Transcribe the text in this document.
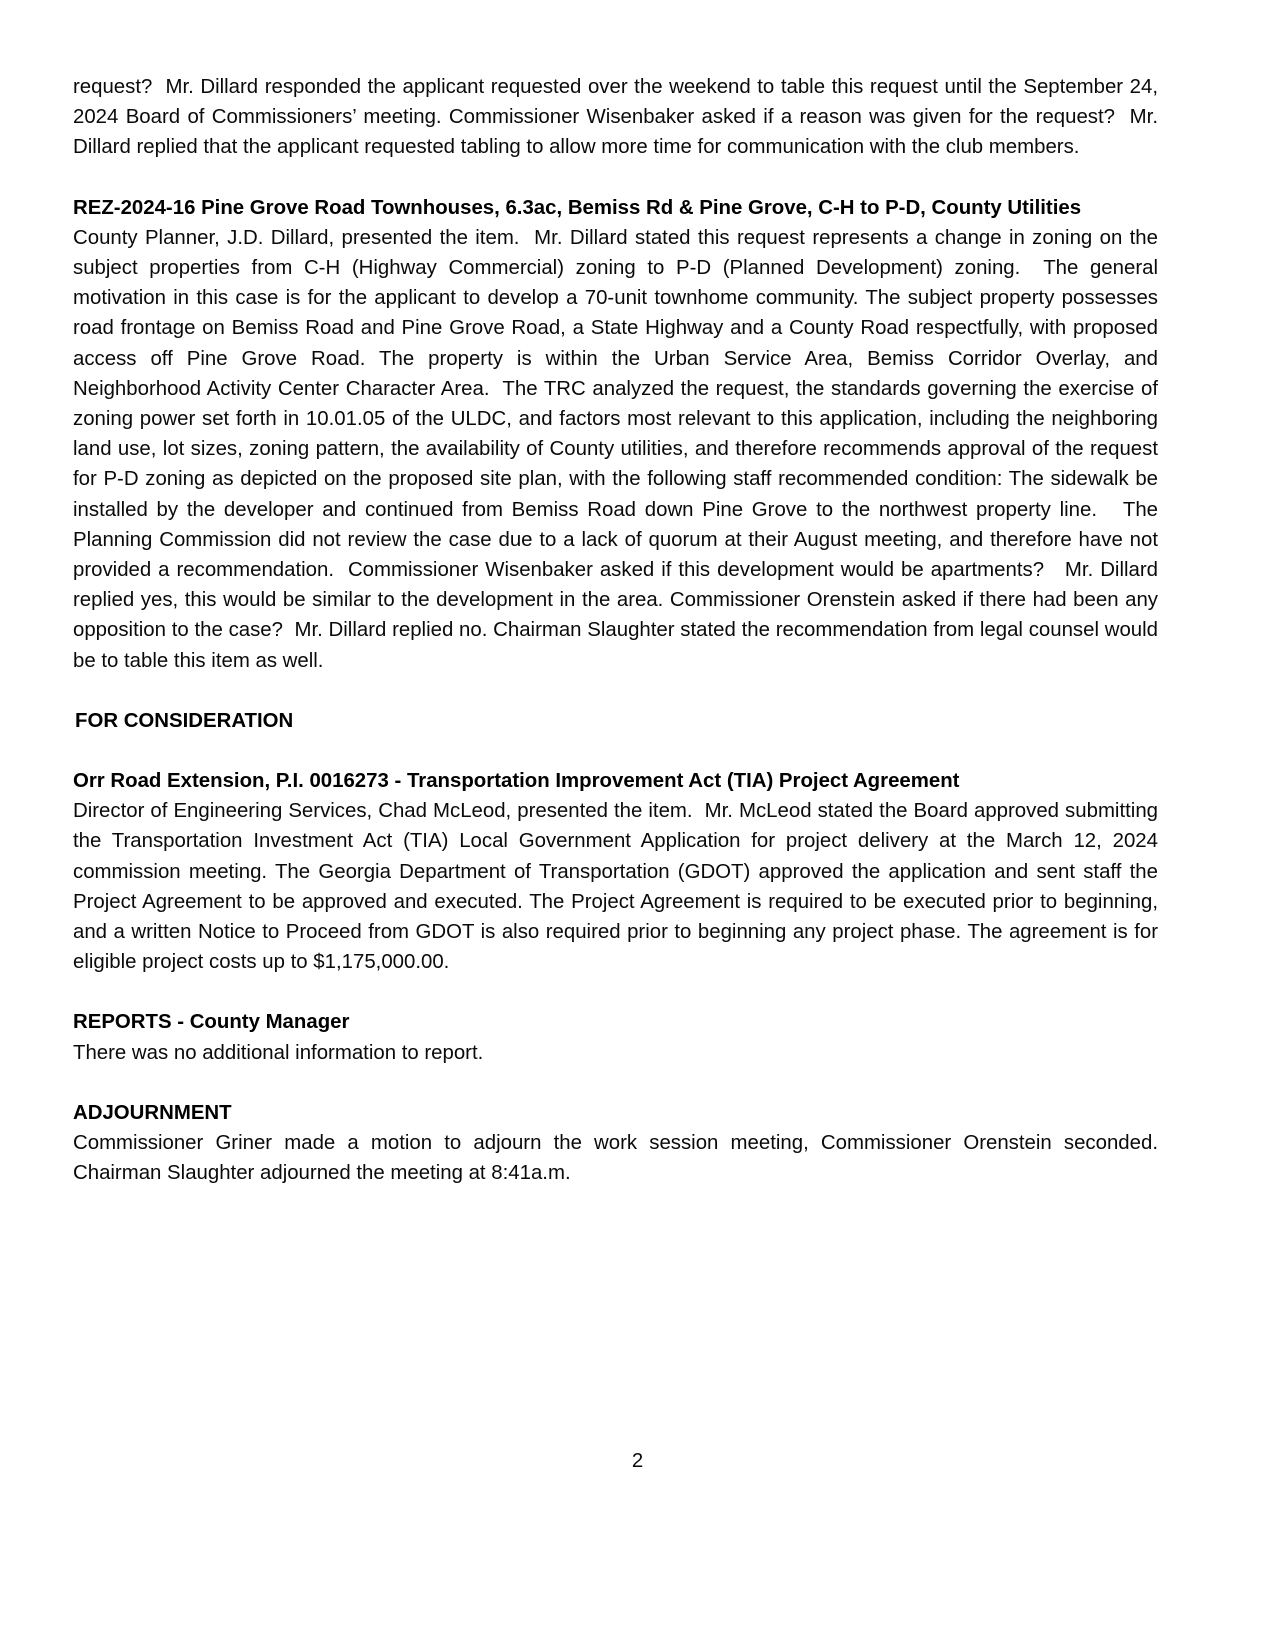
request?  Mr. Dillard responded the applicant requested over the weekend to table this request until the September 24, 2024 Board of Commissioners’ meeting. Commissioner Wisenbaker asked if a reason was given for the request?  Mr. Dillard replied that the applicant requested tabling to allow more time for communication with the club members.

REZ-2024-16 Pine Grove Road Townhouses, 6.3ac, Bemiss Rd & Pine Grove, C-H to P-D, County Utilities

County Planner, J.D. Dillard, presented the item.  Mr. Dillard stated this request represents a change in zoning on the subject properties from C-H (Highway Commercial) zoning to P-D (Planned Development) zoning.  The general motivation in this case is for the applicant to develop a 70-unit townhome community. The subject property possesses road frontage on Bemiss Road and Pine Grove Road, a State Highway and a County Road respectfully, with proposed access off Pine Grove Road. The property is within the Urban Service Area, Bemiss Corridor Overlay, and Neighborhood Activity Center Character Area.  The TRC analyzed the request, the standards governing the exercise of zoning power set forth in 10.01.05 of the ULDC, and factors most relevant to this application, including the neighboring land use, lot sizes, zoning pattern, the availability of County utilities, and therefore recommends approval of the request for P-D zoning as depicted on the proposed site plan, with the following staff recommended condition: The sidewalk be installed by the developer and continued from Bemiss Road down Pine Grove to the northwest property line.   The Planning Commission did not review the case due to a lack of quorum at their August meeting, and therefore have not provided a recommendation.  Commissioner Wisenbaker asked if this development would be apartments?   Mr. Dillard replied yes, this would be similar to the development in the area. Commissioner Orenstein asked if there had been any opposition to the case?  Mr. Dillard replied no. Chairman Slaughter stated the recommendation from legal counsel would be to table this item as well.

FOR CONSIDERATION

Orr Road Extension, P.I. 0016273 - Transportation Improvement Act (TIA) Project Agreement

Director of Engineering Services, Chad McLeod, presented the item.  Mr. McLeod stated the Board approved submitting the Transportation Investment Act (TIA) Local Government Application for project delivery at the March 12, 2024 commission meeting. The Georgia Department of Transportation (GDOT) approved the application and sent staff the Project Agreement to be approved and executed. The Project Agreement is required to be executed prior to beginning, and a written Notice to Proceed from GDOT is also required prior to beginning any project phase. The agreement is for eligible project costs up to $1,175,000.00.

REPORTS - County Manager

There was no additional information to report.

ADJOURNMENT

Commissioner Griner made a motion to adjourn the work session meeting, Commissioner Orenstein seconded.  Chairman Slaughter adjourned the meeting at 8:41a.m.

2
